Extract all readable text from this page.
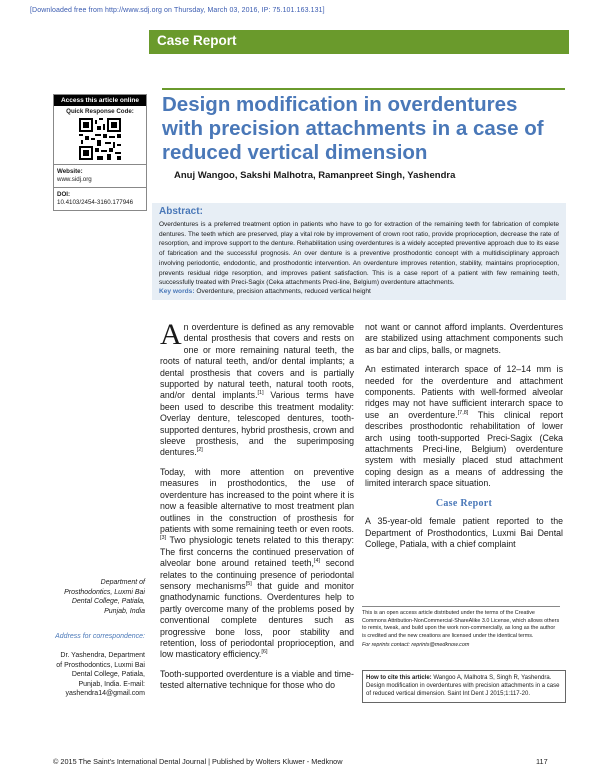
[Downloaded free from http://www.sdj.org on Thursday, March 03, 2016, IP: 75.101.163.131]
Case Report
Access this article online
Quick Response Code:
Website:
www.sidj.org
DOI:
10.4103/2454-3160.177946
Design modification in overdentures with precision attachments in a case of reduced vertical dimension
Anuj Wangoo, Sakshi Malhotra, Ramanpreet Singh, Yashendra
Abstract:
Overdentures is a preferred treatment option in patients who have to go for extraction of the remaining teeth for fabrication of complete dentures. The teeth which are preserved, play a vital role by improvement of crown root ratio, provide proprioception, decrease the rate of resorption, and improve support to the denture. Rehabilitation using overdentures is a widely accepted preventive approach due to its ease of fabrication and the successful prognosis. An over denture is a preventive prosthodontic concept with a multidisciplinary approach involving periodontic, endodontic, and prosthodontic intervention. An overdenture improves retention, stability, maintains proprioception, prevents residual ridge resorption, and improves patient satisfaction. This is a case report of a patient with few remaining teeth, successfully treated with Preci-Sagix (Ceka attachments Preci-line, Belgium) overdenture attachments.
Key words: Overdenture, precision attachments, reduced vertical height

An overdenture is defined as any removable dental prosthesis that covers and rests on one or more remaining natural teeth, the roots of natural teeth, and/or dental implants; a dental prosthesis that covers and is partially supported by natural teeth, natural tooth roots, and/or dental implants.[1] Various terms have been used to describe this treatment modality: Overlay denture, telescoped dentures, tooth-supported dentures, hybrid prosthesis, crown and sleeve prosthesis, and the superimposing dentures.[2]

Today, with more attention on preventive measures in prosthodontics, the use of overdenture has increased to the point where it is now a feasible alternative to most treatment plan outlines in the construction of prosthesis for patients with some remaining teeth or even roots.[3] Two physiologic tenets related to this therapy: The first concerns the continued preservation of alveolar bone around retained teeth,[4] second relates to the continuing presence of periodontal sensory mechanisms[5] that guide and monitor gnathodynamic functions. Overdentures help to partly overcome many of the problems posed by conventional complete dentures such as progressive bone loss, poor stability and retention, loss of periodontal proprioception, and low masticatory efficiency.[6]

Tooth-supported overdenture is a viable and time-tested alternative technique for those who do

not want or cannot afford implants. Overdentures are stabilized using attachment components such as bar and clips, balls, or magnets.

An estimated interarch space of 12–14 mm is needed for the overdenture and attachment components. Patients with well-formed alveolar ridges may not have sufficient interarch space to use an overdenture.[7,8] This clinical report describes prosthodontic rehabilitation of lower arch using tooth-supported Preci-Sagix (Ceka attachments Preci-line, Belgium) overdenture system with mesially placed stud attachment coping design as a means of addressing the limited interarch space situation.

Case Report

A 35-year-old female patient reported to the Department of Prosthodontics, Luxmi Bai Dental College, Patiala, with a chief complaint

Department of Prosthodontics, Luxmi Bai Dental College, Patiala, Punjab, India
Address for correspondence:
Dr. Yashendra, Department of Prosthodontics, Luxmi Bai Dental College, Patiala, Punjab, India. E-mail: yashendra14@gmail.com
This is an open access article distributed under the terms of the Creative Commons Attribution-NonCommercial-ShareAlike 3.0 License, which allows others to remix, tweak, and build upon the work non-commercially, as long as the author is credited and the new creations are licensed under the identical terms.
For reprints contact: reprints@medknow.com
How to cite this article: Wangoo A, Malhotra S, Singh R, Yashendra. Design modification in overdentures with precision attachments in a case of reduced vertical dimension. Saint Int Dent J 2015;1:117-20.
© 2015 The Saint's International Dental Journal | Published by Wolters Kluwer - Medknow	117
